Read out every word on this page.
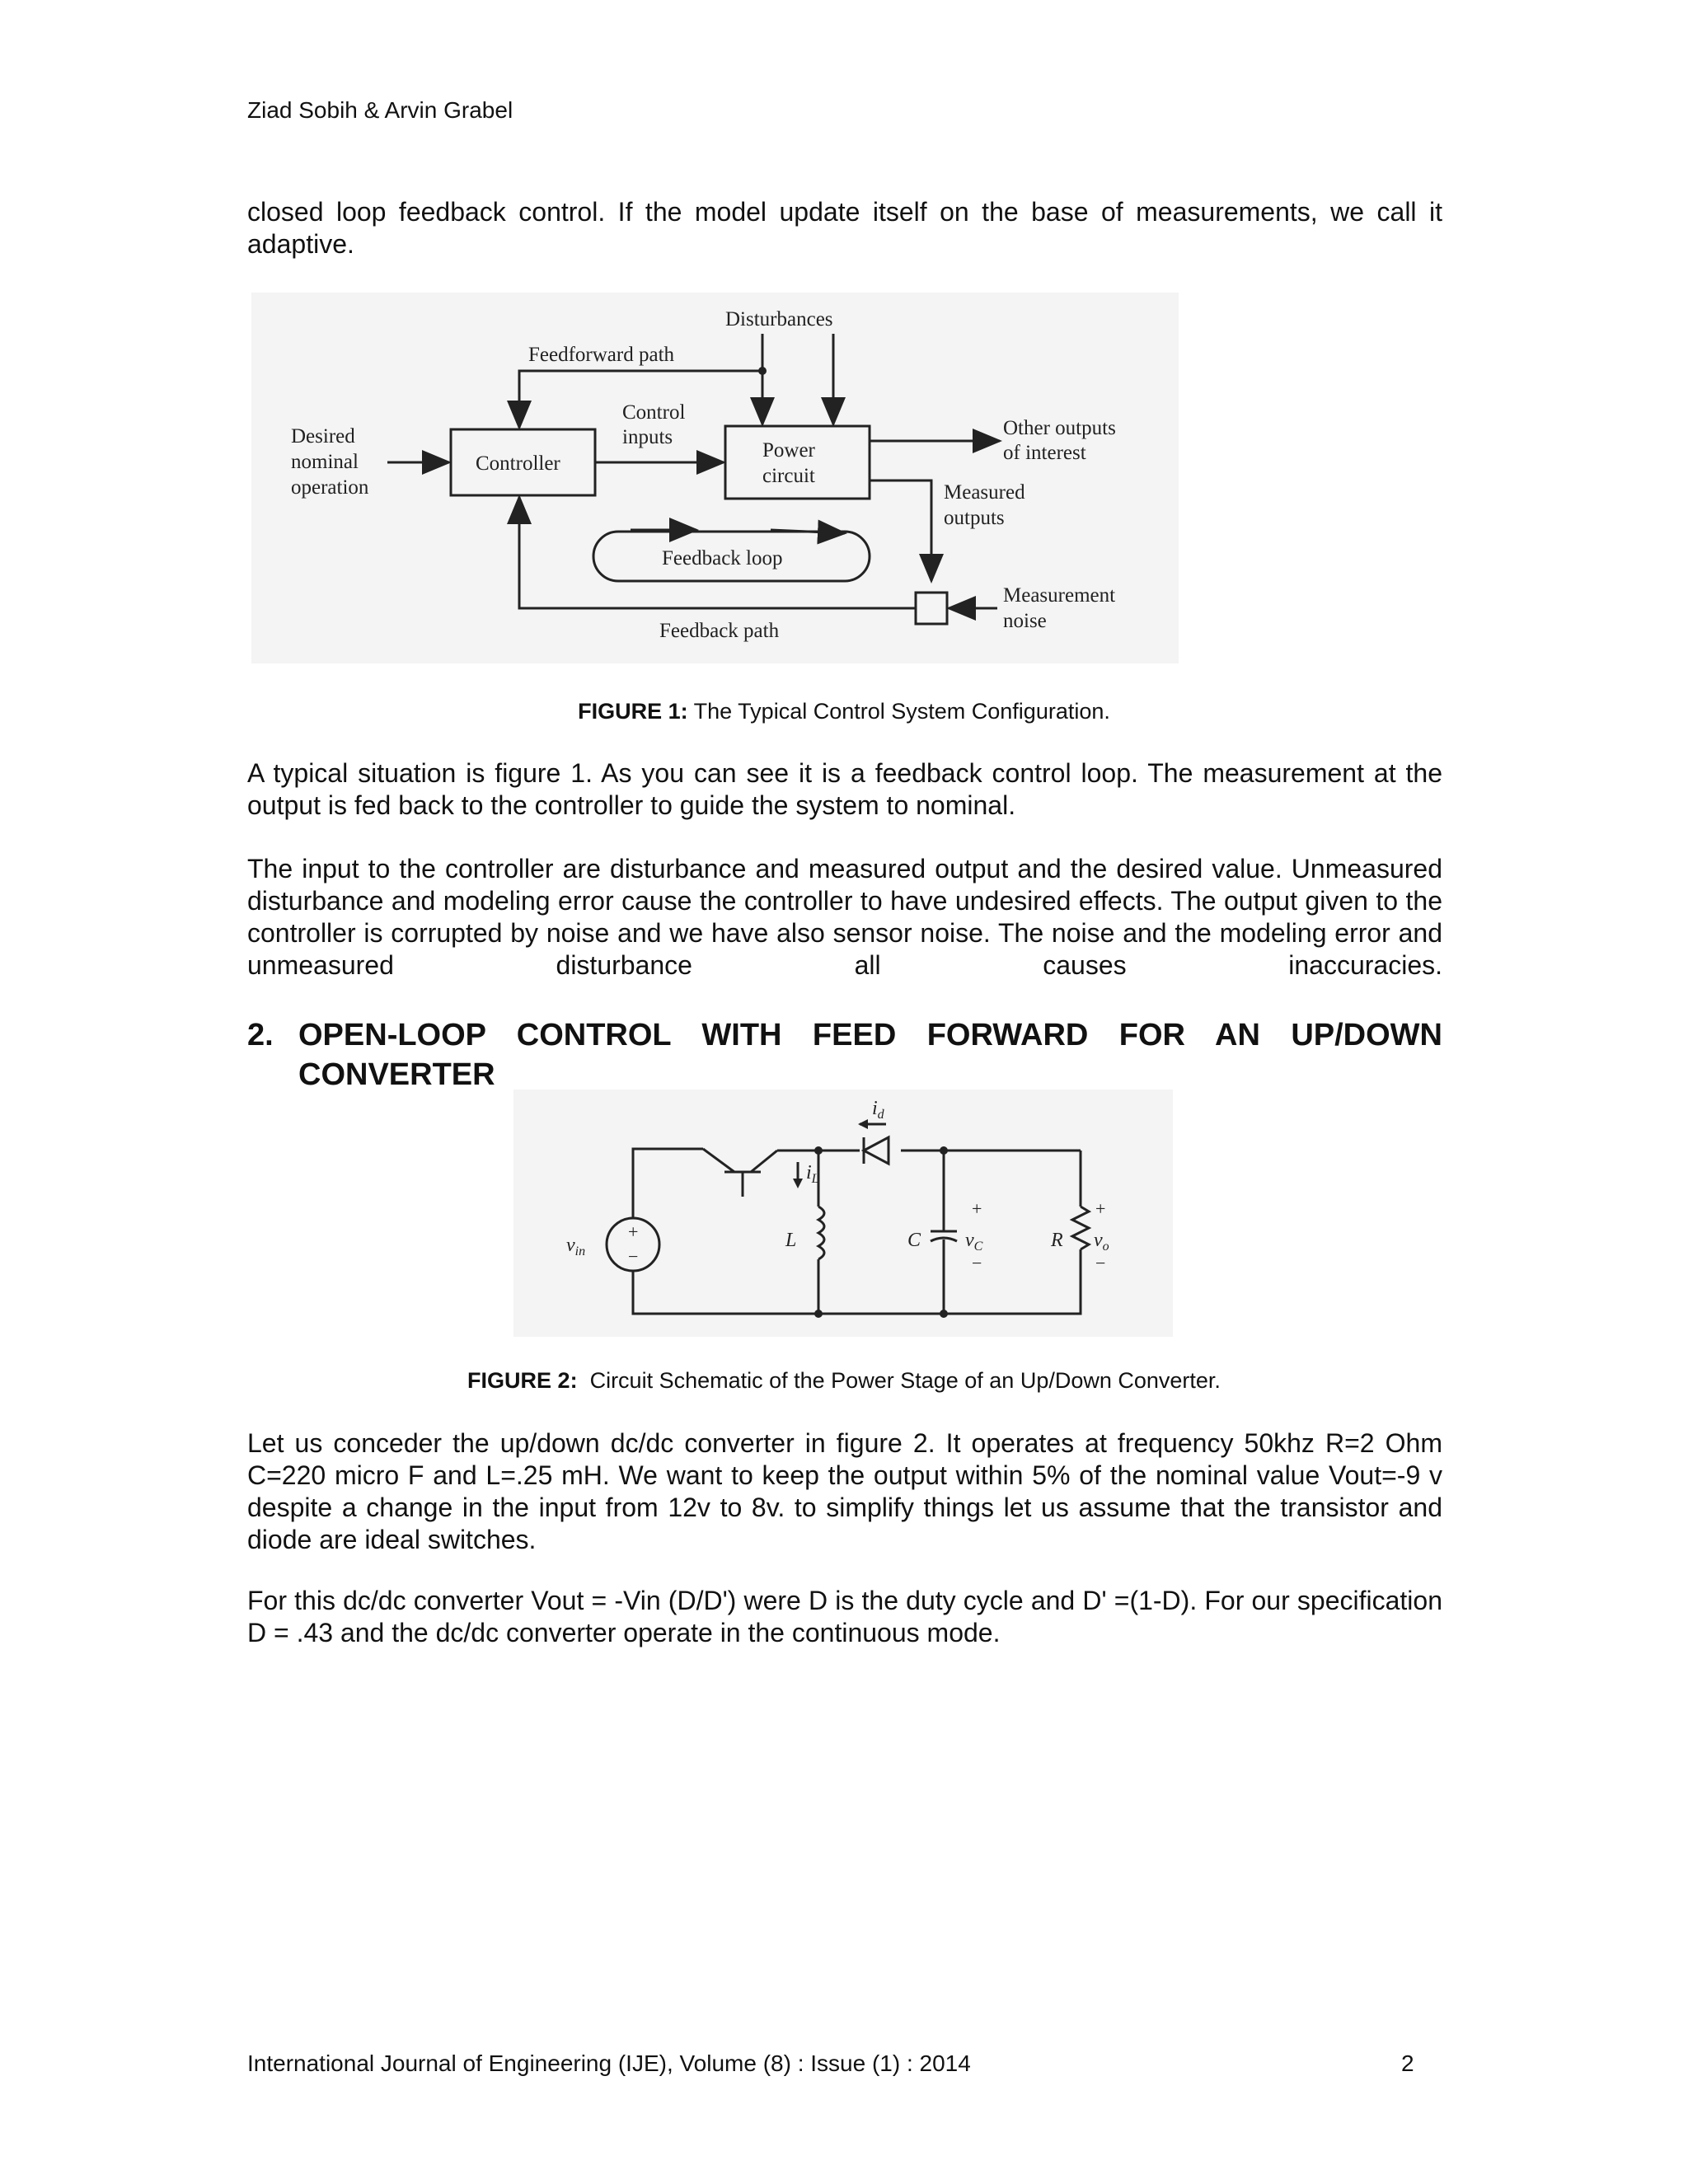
Ziad Sobih & Arvin Grabel
closed loop feedback control. If the model update itself on the base of measurements, we call it adaptive.
Disturbances
Feedforward path
Desired
nominal
operation
Controller
Control
inputs
Power
circuit
Other outputs
of interest
Measured
outputs
Feedback loop
Measurement
noise
Feedback path
FIGURE 1: The Typical Control System Configuration.
A typical situation is figure 1. As you can see it is a feedback control loop. The measurement at the output is fed back to the controller to guide the system to nominal.
The input to the controller are disturbance and measured output and the desired value. Unmeasured disturbance and modeling error cause the controller to have undesired effects. The output given to the controller is corrupted by noise and we have also sensor noise. The noise and the modeling error and unmeasured disturbance all causes inaccuracies.
2. OPEN-LOOP CONTROL WITH FEED FORWARD FOR AN UP/DOWN CONVERTER
$v_{in}$
$i_d$
$i_L$
L	C $v_C$	R $v_o$
+
−
+
−
+
−
FIGURE 2:  Circuit Schematic of the Power Stage of an Up/Down Converter.
Let us conceder the up/down dc/dc converter in figure 2. It operates at frequency 50khz R=2 Ohm C=220 micro F and L=.25 mH. We want to keep the output within 5% of the nominal value Vout=-9 v despite a change in the input from 12v to 8v. to simplify things let us assume that the transistor and diode are ideal switches.
For this dc/dc converter Vout = -Vin (D/D') were D is the duty cycle and D' =(1-D). For our specification D = .43 and the dc/dc converter operate in the continuous mode.
International Journal of Engineering (IJE), Volume (8) : Issue (1) : 2014	2
